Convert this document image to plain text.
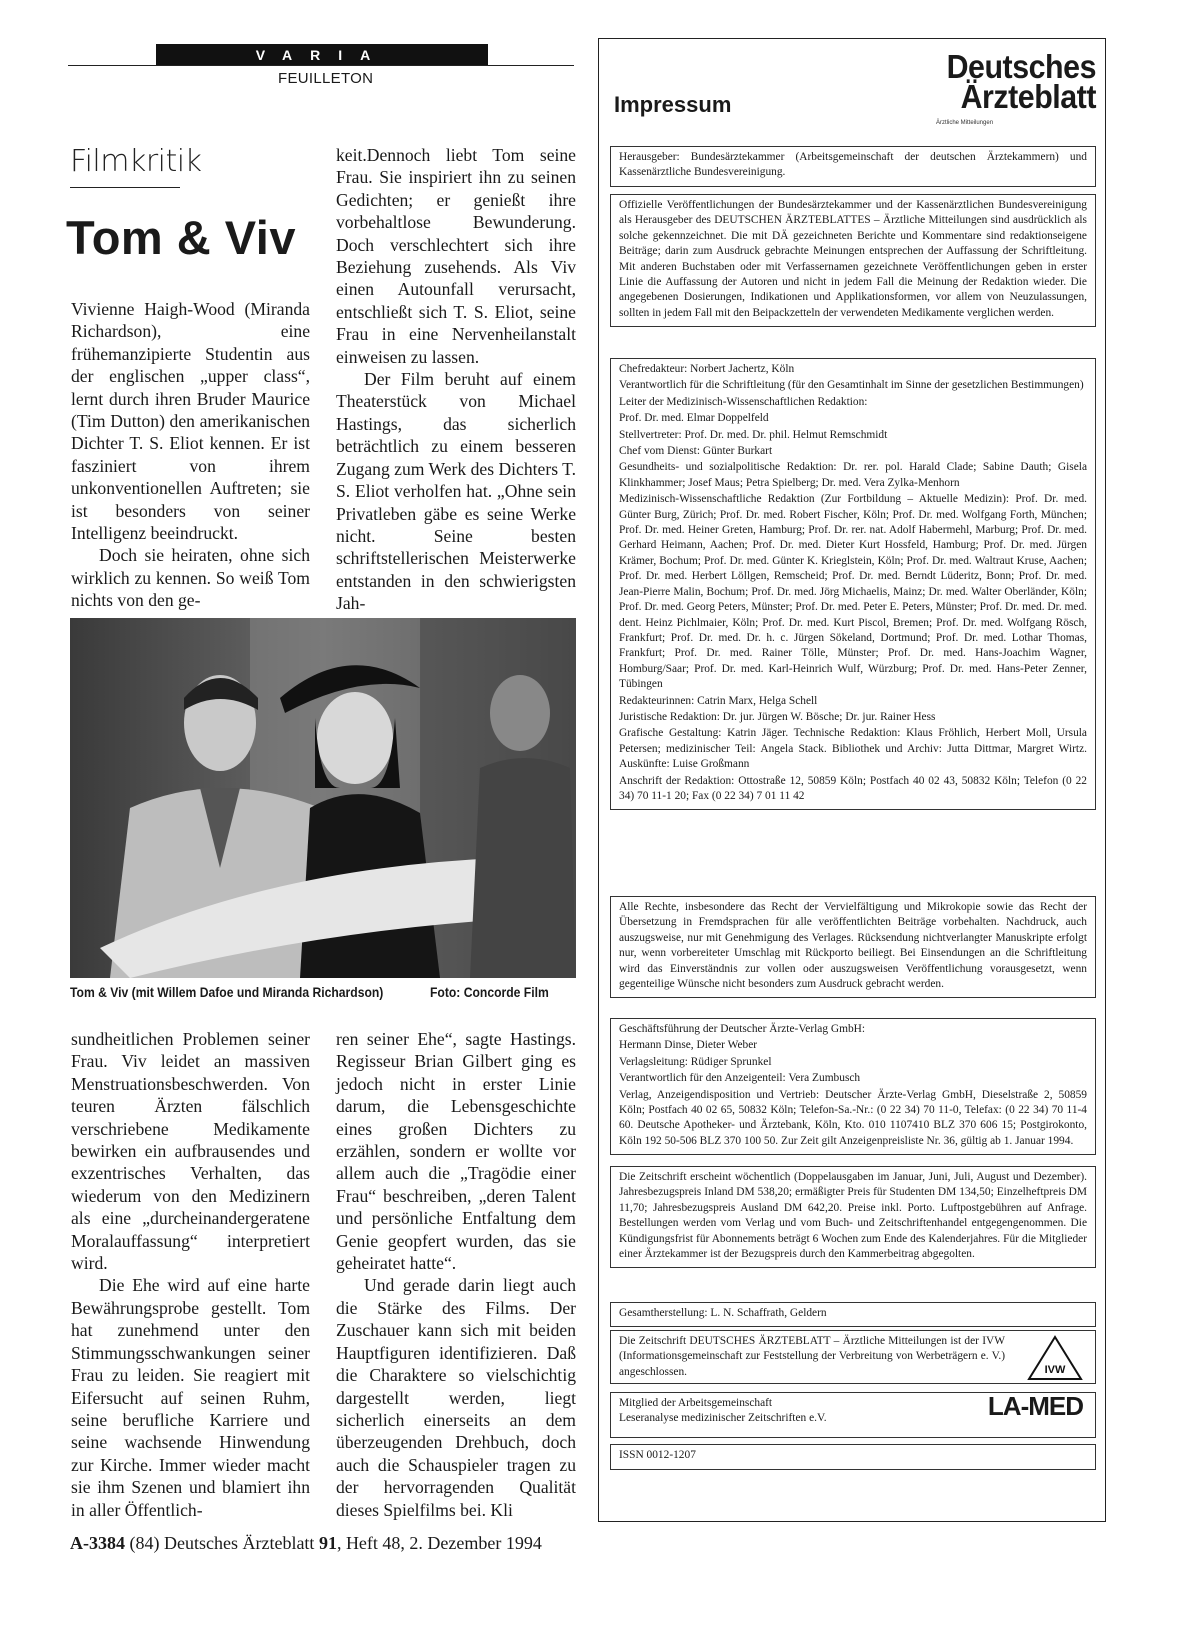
VARIA
FEUILLETON
Filmkritik
Tom & Viv

Vivienne Haigh-Wood (Miranda Richardson), eine frühemanzipierte Studentin aus der englischen „upper class“, lernt durch ihren Bruder Maurice (Tim Dutton) den amerikanischen Dichter T. S. Eliot kennen. Er ist fasziniert von ihrem unkonventionellen Auftreten; sie ist besonders von seiner Intelligenz beeindruckt.

Doch sie heiraten, ohne sich wirklich zu kennen. So weiß Tom nichts von den ge-

keit.Dennoch liebt Tom seine Frau. Sie inspiriert ihn zu seinen Gedichten; er genießt ihre vorbehaltlose Bewunderung. Doch verschlechtert sich ihre Beziehung zusehends. Als Viv einen Autounfall verursacht, entschließt sich T. S. Eliot, seine Frau in eine Nervenheilanstalt einweisen zu lassen.

Der Film beruht auf einem Theaterstück von Michael Hastings, das sicherlich beträchtlich zu einem besseren Zugang zum Werk des Dichters T. S. Eliot verholfen hat. „Ohne sein Privatleben gäbe es seine Werke nicht. Seine besten schriftstellerischen Meisterwerke entstanden in den schwierigsten Jah-

Tom & Viv (mit Willem Dafoe und Miranda Richardson)	Foto: Concorde Film

sundheitlichen Problemen seiner Frau. Viv leidet an massiven Menstruationsbeschwerden. Von teuren Ärzten fälschlich verschriebene Medikamente bewirken ein aufbrausendes und exzentrisches Verhalten, das wiederum von den Medizinern als eine „durcheinandergeratene Moralauffassung“ interpretiert wird.

Die Ehe wird auf eine harte Bewährungsprobe gestellt. Tom hat zunehmend unter den Stimmungsschwankungen seiner Frau zu leiden. Sie reagiert mit Eifersucht auf seinen Ruhm, seine berufliche Karriere und seine wachsende Hinwendung zur Kirche. Immer wieder macht sie ihm Szenen und blamiert ihn in aller Öffentlich-

ren seiner Ehe“, sagte Hastings. Regisseur Brian Gilbert ging es jedoch nicht in erster Linie darum, die Lebensgeschichte eines großen Dichters zu erzählen, sondern er wollte vor allem auch die „Tragödie einer Frau“ beschreiben, „deren Talent und persönliche Entfaltung dem Genie geopfert wurden, das sie geheiratet hatte“.

Und gerade darin liegt auch die Stärke des Films. Der Zuschauer kann sich mit beiden Hauptfiguren identifizieren. Daß die Charaktere so vielschichtig dargestellt werden, liegt sicherlich einerseits an dem überzeugenden Drehbuch, doch auch die Schauspieler tragen zu der hervorragenden Qualität dieses Spielfilms bei. Kli

Impressum
Deutsches
Ärzteblatt
Ärztliche Mitteilungen

Herausgeber: Bundesärztekammer (Arbeitsgemeinschaft der deutschen Ärztekammern) und Kassenärztliche Bundesvereinigung.

Offizielle Veröffentlichungen der Bundesärztekammer und der Kassenärztlichen Bundesvereinigung als Herausgeber des DEUTSCHEN ÄRZTEBLATTES – Ärztliche Mitteilungen sind ausdrücklich als solche gekennzeichnet. Die mit DÄ gezeichneten Berichte und Kommentare sind redaktionseigene Beiträge; darin zum Ausdruck gebrachte Meinungen entsprechen der Auffassung der Schriftleitung. Mit anderen Buchstaben oder mit Verfassernamen gezeichnete Veröffentlichungen geben in erster Linie die Auffassung der Autoren und nicht in jedem Fall die Meinung der Redaktion wieder. Die angegebenen Dosierungen, Indikationen und Applikationsformen, vor allem von Neuzulassungen, sollten in jedem Fall mit den Beipackzetteln der verwendeten Medikamente verglichen werden.

Chefredakteur: Norbert Jachertz, Köln

Verantwortlich für die Schriftleitung (für den Gesamtinhalt im Sinne der gesetzlichen Bestimmungen)

Leiter der Medizinisch-Wissenschaftlichen Redaktion:

Prof. Dr. med. Elmar Doppelfeld

Stellvertreter: Prof. Dr. med. Dr. phil. Helmut Remschmidt

Chef vom Dienst: Günter Burkart

Gesundheits- und sozialpolitische Redaktion: Dr. rer. pol. Harald Clade; Sabine Dauth; Gisela Klinkhammer; Josef Maus; Petra Spielberg; Dr. med. Vera Zylka-Menhorn

Medizinisch-Wissenschaftliche Redaktion (Zur Fortbildung – Aktuelle Medizin): Prof. Dr. med. Günter Burg, Zürich; Prof. Dr. med. Robert Fischer, Köln; Prof. Dr. med. Wolfgang Forth, München; Prof. Dr. med. Heiner Greten, Hamburg; Prof. Dr. rer. nat. Adolf Habermehl, Marburg; Prof. Dr. med. Gerhard Heimann, Aachen; Prof. Dr. med. Dieter Kurt Hossfeld, Hamburg; Prof. Dr. med. Jürgen Krämer, Bochum; Prof. Dr. med. Günter K. Krieglstein, Köln; Prof. Dr. med. Waltraut Kruse, Aachen; Prof. Dr. med. Herbert Löllgen, Remscheid; Prof. Dr. med. Berndt Lüderitz, Bonn; Prof. Dr. med. Jean-Pierre Malin, Bochum; Prof. Dr. med. Jörg Michaelis, Mainz; Dr. med. Walter Oberländer, Köln; Prof. Dr. med. Georg Peters, Münster; Prof. Dr. med. Peter E. Peters, Münster; Prof. Dr. med. Dr. med. dent. Heinz Pichlmaier, Köln; Prof. Dr. med. Kurt Piscol, Bremen; Prof. Dr. med. Wolfgang Rösch, Frankfurt; Prof. Dr. med. Dr. h. c. Jürgen Sökeland, Dortmund; Prof. Dr. med. Lothar Thomas, Frankfurt; Prof. Dr. med. Rainer Tölle, Münster; Prof. Dr. med. Hans-Joachim Wagner, Homburg/Saar; Prof. Dr. med. Karl-Heinrich Wulf, Würzburg; Prof. Dr. med. Hans-Peter Zenner, Tübingen

Redakteurinnen: Catrin Marx, Helga Schell

Juristische Redaktion: Dr. jur. Jürgen W. Bösche; Dr. jur. Rainer Hess

Grafische Gestaltung: Katrin Jäger. Technische Redaktion: Klaus Fröhlich, Herbert Moll, Ursula Petersen; medizinischer Teil: Angela Stack. Bibliothek und Archiv: Jutta Dittmar, Margret Wirtz. Auskünfte: Luise Großmann

Anschrift der Redaktion: Ottostraße 12, 50859 Köln; Postfach 40 02 43, 50832 Köln; Telefon (0 22 34) 70 11-1 20; Fax (0 22 34) 7 01 11 42

Alle Rechte, insbesondere das Recht der Vervielfältigung und Mikrokopie sowie das Recht der Übersetzung in Fremdsprachen für alle veröffentlichten Beiträge vorbehalten. Nachdruck, auch auszugsweise, nur mit Genehmigung des Verlages. Rücksendung nichtverlangter Manuskripte erfolgt nur, wenn vorbereiteter Umschlag mit Rückporto beiliegt. Bei Einsendungen an die Schriftleitung wird das Einverständnis zur vollen oder auszugsweisen Veröffentlichung vorausgesetzt, wenn gegenteilige Wünsche nicht besonders zum Ausdruck gebracht werden.

Geschäftsführung der Deutscher Ärzte-Verlag GmbH:

Hermann Dinse, Dieter Weber

Verlagsleitung: Rüdiger Sprunkel

Verantwortlich für den Anzeigenteil: Vera Zumbusch

Verlag, Anzeigendisposition und Vertrieb: Deutscher Ärzte-Verlag GmbH, Dieselstraße 2, 50859 Köln; Postfach 40 02 65, 50832 Köln; Telefon-Sa.-Nr.: (0 22 34) 70 11-0, Telefax: (0 22 34) 70 11-4 60. Deutsche Apotheker- und Ärztebank, Köln, Kto. 010 1107410 BLZ 370 606 15; Postgirokonto, Köln 192 50-506 BLZ 370 100 50. Zur Zeit gilt Anzeigenpreisliste Nr. 36, gültig ab 1. Januar 1994.

Die Zeitschrift erscheint wöchentlich (Doppelausgaben im Januar, Juni, Juli, August und Dezember). Jahresbezugspreis Inland DM 538,20; ermäßigter Preis für Studenten DM 134,50; Einzelheftpreis DM 11,70; Jahresbezugspreis Ausland DM 642,20. Preise inkl. Porto. Luftpostgebühren auf Anfrage. Bestellungen werden vom Verlag und vom Buch- und Zeitschriftenhandel entgegengenommen. Die Kündigungsfrist für Abonnements beträgt 6 Wochen zum Ende des Kalenderjahres. Für die Mitglieder einer Ärztekammer ist der Bezugspreis durch den Kammerbeitrag abgegolten.

Gesamtherstellung: L. N. Schaffrath, Geldern

Die Zeitschrift DEUTSCHES ÄRZTEBLATT – Ärztliche Mitteilungen ist der IVW (Informationsgemeinschaft zur Feststellung der Verbreitung von Werbeträgern e. V.) angeschlossen.	IVW
Mitglied der Arbeitsgemeinschaft
Leseranalyse medizinischer Zeitschriften e.V.	LA-MED
ISSN 0012-1207
A-3384 (84) Deutsches Ärzteblatt 91, Heft 48, 2. Dezember 1994
